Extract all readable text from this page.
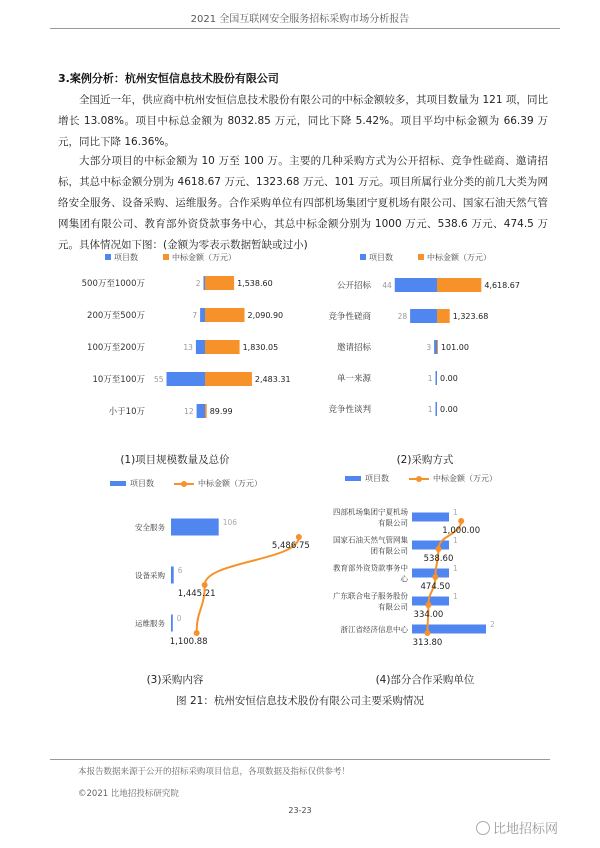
2021 全国互联网安全服务招标采购市场分析报告
3.案例分析：杭州安恒信息技术股份有限公司
全国近一年，供应商中杭州安恒信息技术股份有限公司的中标金额较多，其项目数量为 121 项，同比增长 13.08%。项目中标总金额为 8032.85 万元，同比下降 5.42%。项目平均中标金额为 66.39 万元，同比下降 16.36%。
大部分项目的中标金额为 10 万至 100 万。主要的几种采购方式为公开招标、竞争性磋商、邀请招标，其总中标金额分别为 4618.67 万元、1323.68 万元、101 万元。项目所属行业分类的前几大类为网络安全服务、设备采购、运维服务。合作采购单位有四部机场集团宁夏机场有限公司、国家石油天然气管网集团有限公司、教育部外资贷款事务中心，其总中标金额分别为 1000 万元、538.6 万元、474.5 万元。具体情况如下图：(金额为零表示数据暂缺或过小)
项目数	中标金额（万元）
500万至1000万	2	1,538.60
200万至500万	7	2,090.90
100万至200万	13	1,830.05
10万至100万 55	2,483.31
小于10万	12 89.99
项目数	中标金额（万元）
公开招标 44	4,618.67
竞争性磋商	28	1,323.68
邀请招标	3 101.00
单一来源	1 0.00
竞争性谈判	1 0.00
项目数	中标金额（万元）
安全服务
106
设备采购
6
运维服务
0
5,486.75
1,445.21
1,100.88
项目数	中标金额（万元）
四部机场集团宁夏机场有限公司
1
国家石油天然气管网集团有限公司
1
教育部外资贷款事务中心
1
广东联合电子服务股份有限公司
1
浙江省经济信息中心
2
1,000.00
538.60
474.50
334.00
313.80
(1)项目规模数量及总价	(2)采购方式
(3)采购内容	(4)部分合作采购单位
图 21：杭州安恒信息技术股份有限公司主要采购情况
本报告数据来源于公开的招标采购项目信息，各项数据及指标仅供参考！
©2021 比地招投标研究院
23-23
比地招标网
